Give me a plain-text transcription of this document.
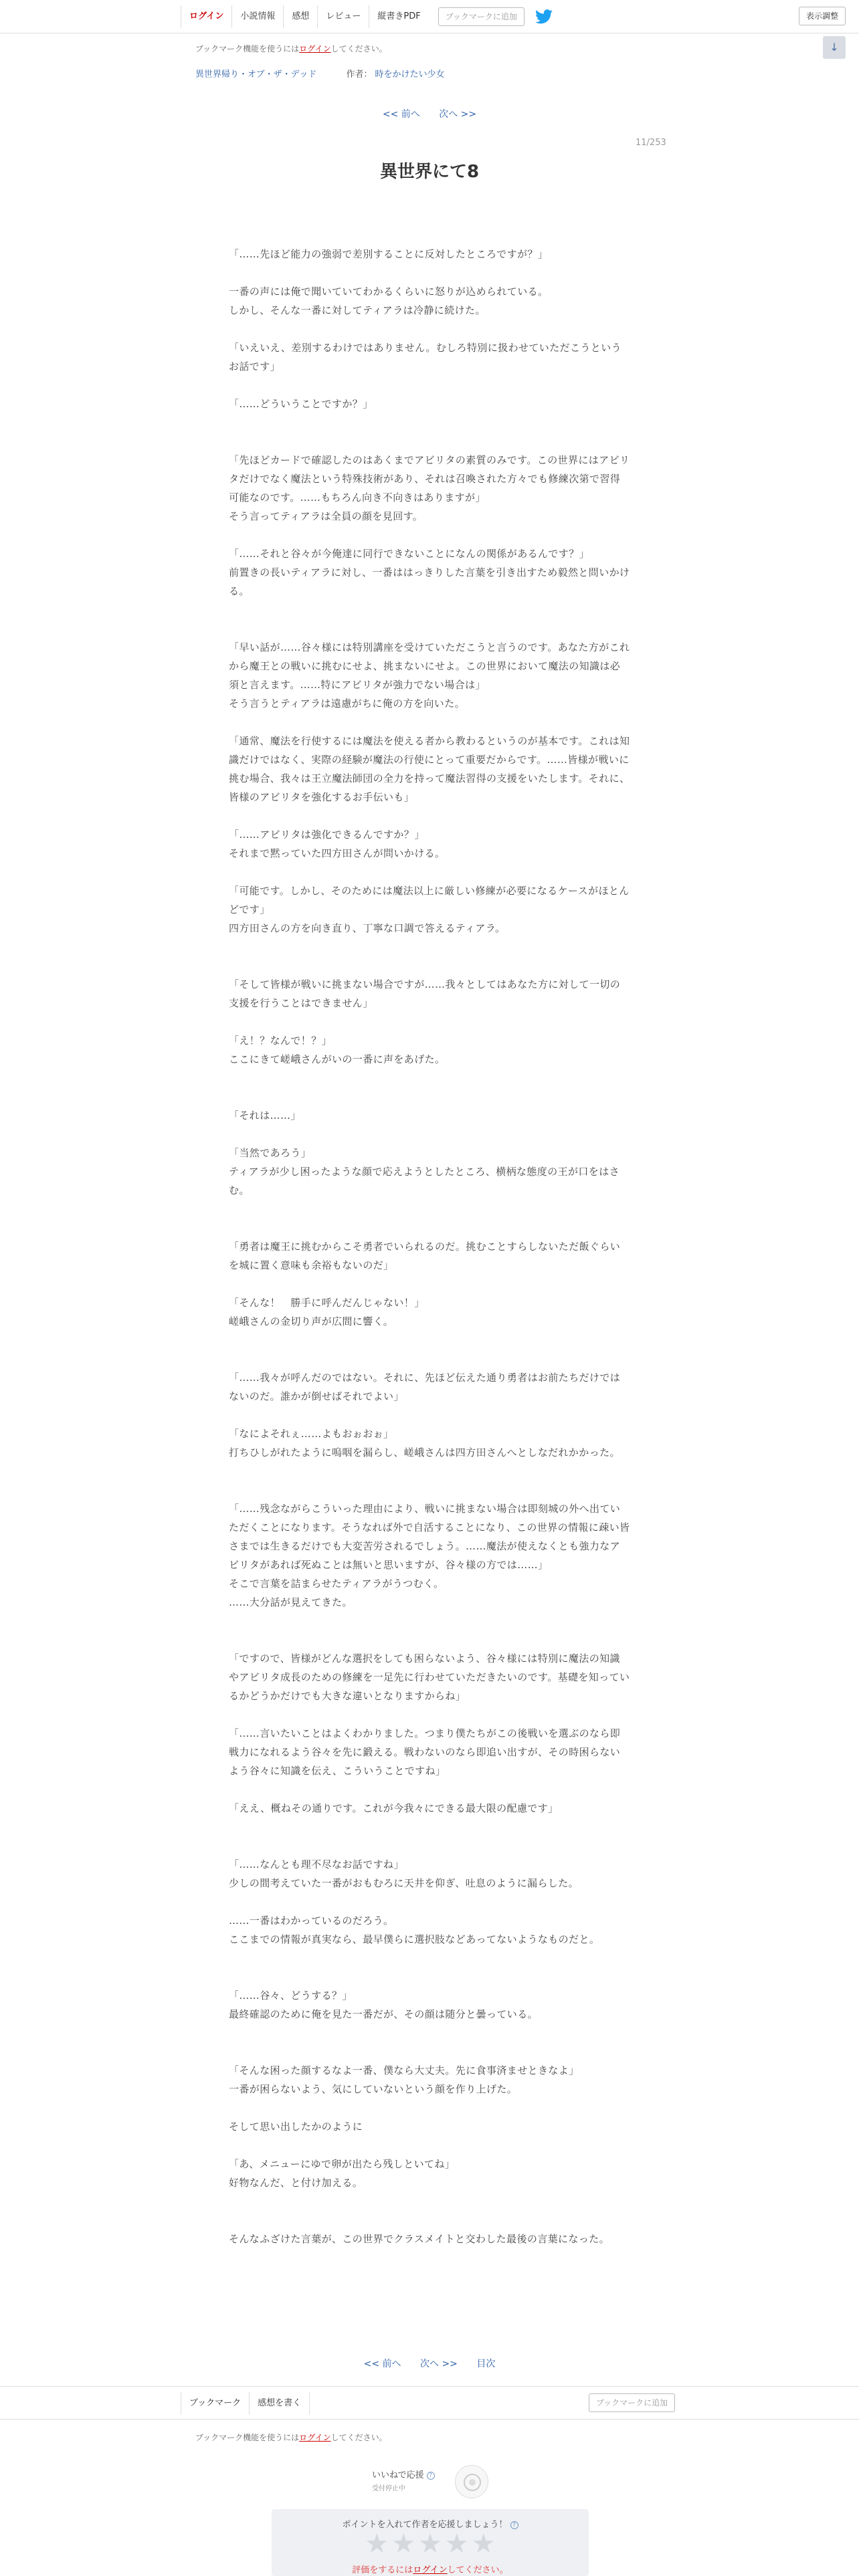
ログイン	小説情報	感想	レビュー	縦書きPDF	ブックマークに追加	表示調整
ブックマーク機能を使うにはログインしてください。	↓
異世界帰り・オブ・ザ・デッド	作者： 時をかけたい少女
<< 前へ 次へ >>
11/253
異世界にて8

「……先ほど能力の強弱で差別することに反対したところですが？」

一番の声には俺で聞いていてわかるくらいに怒りが込められている。
しかし、そんな一番に対してティアラは冷静に続けた。

「いえいえ、差別するわけではありません。むしろ特別に扱わせていただこうというお話です」

「……どういうことですか？」

「先ほどカードで確認したのはあくまでアビリタの素質のみです。この世界にはアビリタだけでなく魔法という特殊技術があり、それは召喚された方々でも修練次第で習得可能なのです。……もちろん向き不向きはありますが」
そう言ってティアラは全員の顔を見回す。

「……それと谷々が今俺達に同行できないことになんの関係があるんです？」
前置きの長いティアラに対し、一番ははっきりした言葉を引き出すため毅然と問いかける。

「早い話が……谷々様には特別講座を受けていただこうと言うのです。あなた方がこれから魔王との戦いに挑むにせよ、挑まないにせよ。この世界において魔法の知識は必須と言えます。……特にアビリタが強力でない場合は」
そう言うとティアラは遠慮がちに俺の方を向いた。

「通常、魔法を行使するには魔法を使える者から教わるというのが基本です。これは知識だけではなく、実際の経験が魔法の行使にとって重要だからです。……皆様が戦いに挑む場合、我々は王立魔法師団の全力を持って魔法習得の支援をいたします。それに、皆様のアビリタを強化するお手伝いも」

「……アビリタは強化できるんですか？」
それまで黙っていた四方田さんが問いかける。

「可能です。しかし、そのためには魔法以上に厳しい修練が必要になるケースがほとんどです」
四方田さんの方を向き直り、丁寧な口調で答えるティアラ。

「そして皆様が戦いに挑まない場合ですが……我々としてはあなた方に対して一切の支援を行うことはできません」

「え！？なんで！？」
ここにきて嵯峨さんがいの一番に声をあげた。

「それは……」

「当然であろう」
ティアラが少し困ったような顔で応えようとしたところ、横柄な態度の王が口をはさむ。

「勇者は魔王に挑むからこそ勇者でいられるのだ。挑むことすらしないただ飯ぐらいを城に置く意味も余裕もないのだ」

「そんな！　勝手に呼んだんじゃない！」
嵯峨さんの金切り声が広間に響く。

「……我々が呼んだのではない。それに、先ほど伝えた通り勇者はお前たちだけではないのだ。誰かが倒せばそれでよい」

「なによそれぇ……よもおぉおぉ」
打ちひしがれたように嗚咽を漏らし、嵯峨さんは四方田さんへとしなだれかかった。

「……残念ながらこういった理由により、戦いに挑まない場合は即刻城の外へ出ていただくことになります。そうなれば外で自活することになり、この世界の情報に疎い皆さまでは生きるだけでも大変苦労されるでしょう。……魔法が使えなくとも強力なアビリタがあれば死ぬことは無いと思いますが、谷々様の方では……」
そこで言葉を詰まらせたティアラがうつむく。
……大分話が見えてきた。

「ですので、皆様がどんな選択をしても困らないよう、谷々様には特別に魔法の知識やアビリタ成長のための修練を一足先に行わせていただきたいのです。基礎を知っているかどうかだけでも大きな違いとなりますからね」

「……言いたいことはよくわかりました。つまり僕たちがこの後戦いを選ぶのなら即戦力になれるよう谷々を先に鍛える。戦わないのなら即追い出すが、その時困らないよう谷々に知識を伝え、こういうことですね」

「ええ、概ねその通りです。これが今我々にできる最大限の配慮です」

「……なんとも理不尽なお話ですね」
少しの間考えていた一番がおもむろに天井を仰ぎ、吐息のように漏らした。

……一番はわかっているのだろう。
ここまでの情報が真実なら、最早僕らに選択肢などあってないようなものだと。

「……谷々、どうする？」
最終確認のために俺を見た一番だが、その顔は随分と曇っている。

「そんな困った顔するなよ一番、僕なら大丈夫。先に食事済ませときなよ」
一番が困らないよう、気にしていないという顔を作り上げた。

そして思い出したかのように

「あ、メニューにゆで卵が出たら残しといてね」
好物なんだ、と付け加える。

そんなふざけた言葉が、この世界でクラスメイトと交わした最後の言葉になった。

<< 前へ 次へ >> 目次
ブックマーク	感想を書く	ブックマークに追加
ブックマーク機能を使うにはログインしてください。
いいねで応援 ?
受付停止中
ポイントを入れて作者を応援しましょう！ ?
★ ★ ★ ★ ★
評価をするにはログインしてください。
